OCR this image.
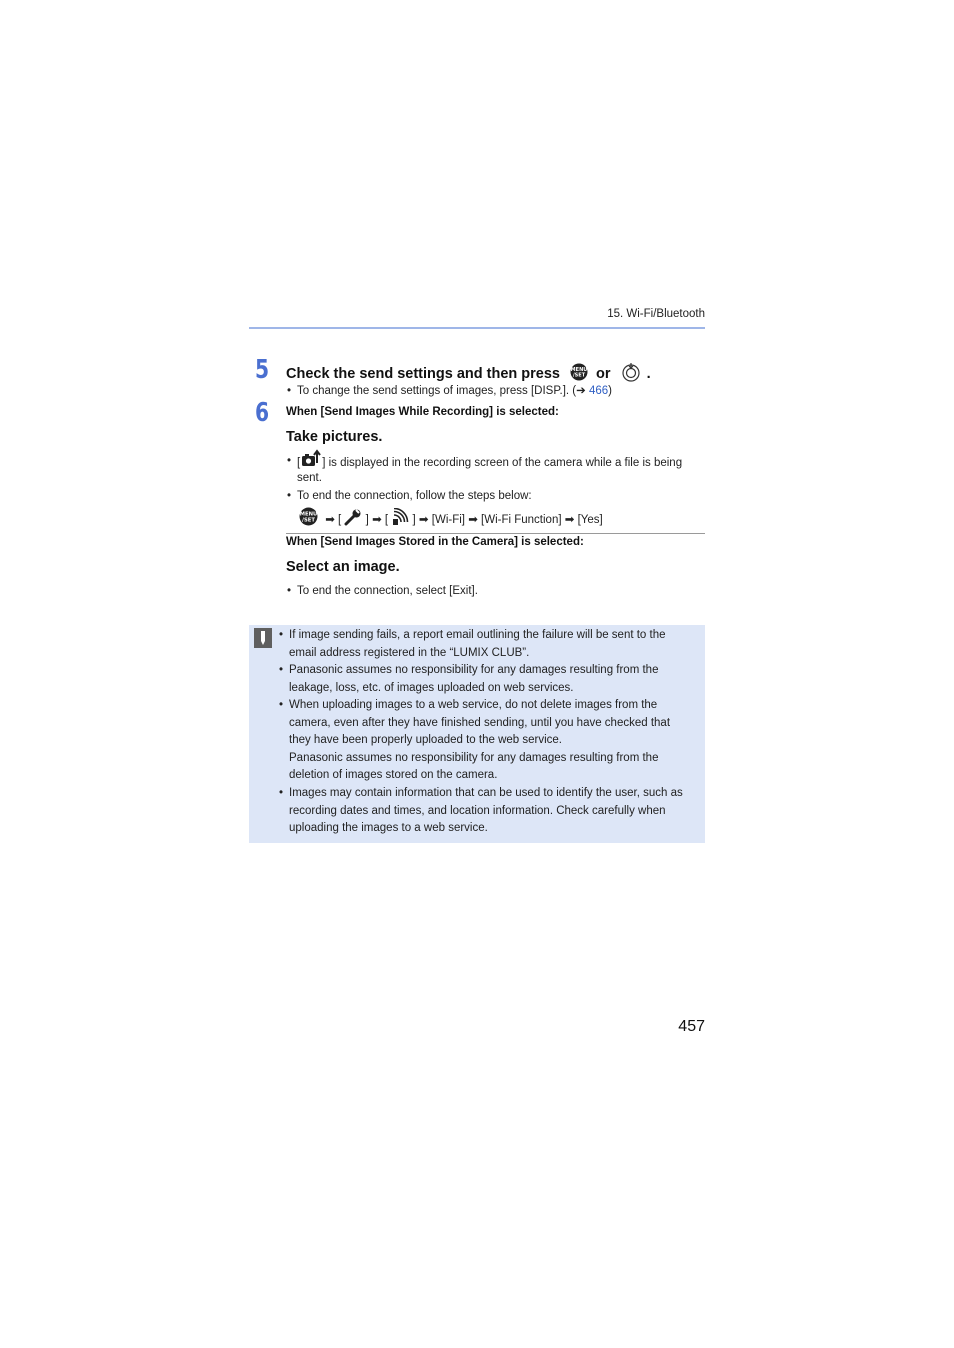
15. Wi-Fi/Bluetooth
5 Check the send settings and then press MENU
/SET or .
• To change the send settings of images, press [DISP.]. (➔ 466)
6 When [Send Images While Recording] is selected:
Take pictures.
• [ ] is displayed in the recording screen of the camera while a file is being
sent.
• To end the connection, follow the steps below:
MENU
/SET ➡ [ ] ➡ [ ] ➡ [Wi-Fi] ➡ [Wi-Fi Function] ➡ [Yes]
When [Send Images Stored in the Camera] is selected:
Select an image.
• To end the connection, select [Exit].
• If image sending fails, a report email outlining the failure will be sent to the
email address registered in the “LUMIX CLUB”.
• Panasonic assumes no responsibility for any damages resulting from the
leakage, loss, etc. of images uploaded on web services.
• When uploading images to a web service, do not delete images from the
camera, even after they have finished sending, until you have checked that
they have been properly uploaded to the web service.
Panasonic assumes no responsibility for any damages resulting from the
deletion of images stored on the camera.
• Images may contain information that can be used to identify the user, such as
recording dates and times, and location information. Check carefully when
uploading the images to a web service.
457
